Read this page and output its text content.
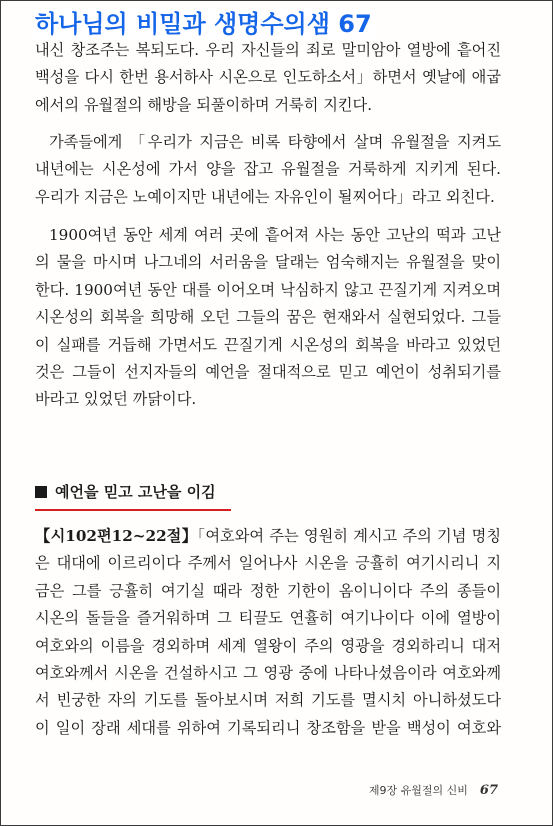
하나님의 비밀과 생명수의샘 67
내신 창조주는 복되도다. 우리 자신들의 죄로 말미암아 열방에 흩어진
백성을 다시 한번 용서하사 시온으로 인도하소서」하면서 옛날에 애굽
에서의 유월절의 해방을 되풀이하며 거룩히 지킨다.
가족들에게 「우리가 지금은 비록 타향에서 살며 유월절을 지켜도
내년에는 시온성에 가서 양을 잡고 유월절을 거룩하게 지키게 된다.
우리가 지금은 노예이지만 내년에는 자유인이 될찌어다」라고 외친다.
1900여년 동안 세계 여러 곳에 흩어져 사는 동안 고난의 떡과 고난
의 물을 마시며 나그네의 서러움을 달래는 엄숙해지는 유월절을 맞이
한다. 1900여년 동안 대를 이어오며 낙심하지 않고 끈질기게 지켜오며
시온성의 회복을 희망해 오던 그들의 꿈은 현재와서 실현되었다. 그들
이 실패를 거듭해 가면서도 끈질기게 시온성의 회복을 바라고 있었던
것은 그들이 선지자들의 예언을 절대적으로 믿고 예언이 성취되기를
바라고 있었던 까닭이다.
예언을 믿고 고난을 이김
【시102편12~22절】「여호와여 주는 영원히 계시고 주의 기념 명칭
은 대대에 이르리이다 주께서 일어나사 시온을 긍휼히 여기시리니 지
금은 그를 긍휼히 여기실 때라 정한 기한이 옴이니이다 주의 종들이
시온의 돌들을 즐거워하며 그 티끌도 연휼히 여기나이다 이에 열방이
여호와의 이름을 경외하며 세계 열왕이 주의 영광을 경외하리니 대저
여호와께서 시온을 건설하시고 그 영광 중에 나타나셨음이라 여호와께
서 빈궁한 자의 기도를 돌아보시며 저희 기도를 멸시치 아니하셨도다
이 일이 장래 세대를 위하여 기록되리니 창조함을 받을 백성이 여호와
제9장 유월절의 신비 67
